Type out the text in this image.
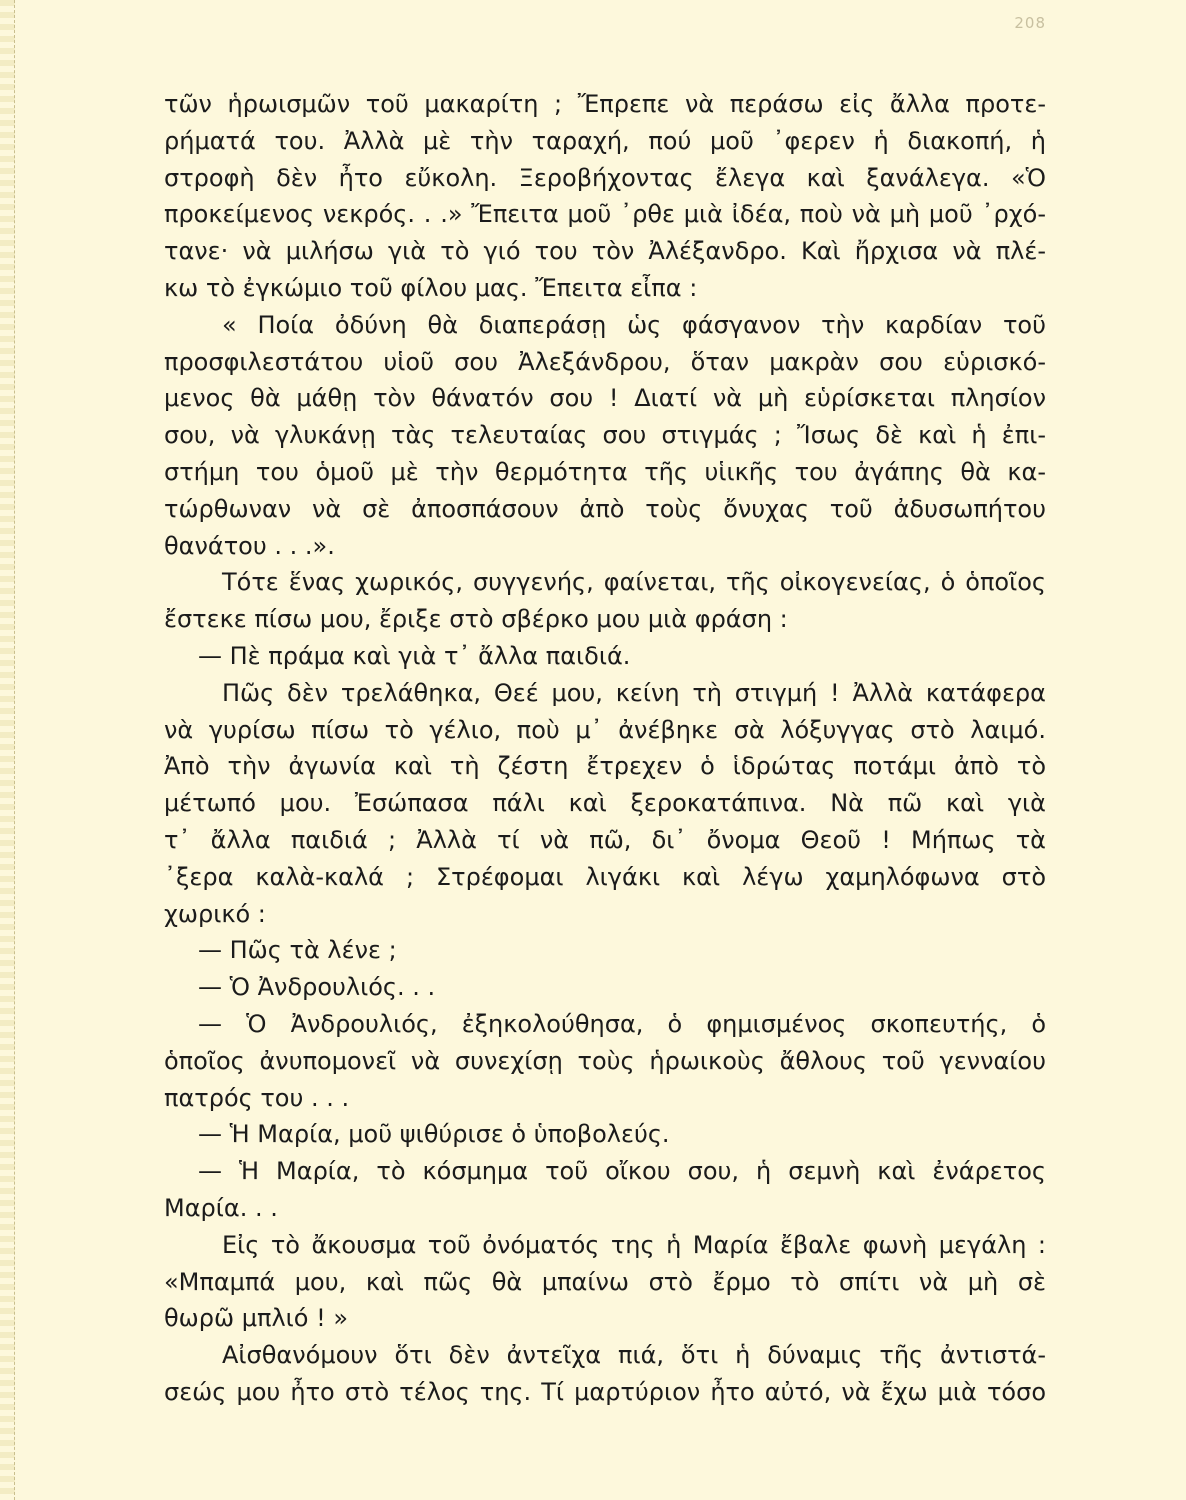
208
τῶν ἡρωισμῶν τοῦ μακαρίτη ; Ἔπρεπε νὰ περάσω εἰς ἄλλα προτε-
ρήματά του. Ἀλλὰ μὲ τὴν ταραχή, πού μοῦ ᾿φερεν ἡ διακοπή, ἡ
στροφὴ δὲν ἦτο εὔκολη. Ξεροβήχοντας ἔλεγα καὶ ξανάλεγα. «Ὁ
προκείμενος νεκρός. . .» Ἔπειτα μοῦ ᾿ρθε μιὰ ἰδέα, ποὺ νὰ μὴ μοῦ ᾿ρχό-
τανε· νὰ μιλήσω γιὰ τὸ γιό του τὸν Ἀλέξανδρο. Καὶ ἤρχισα νὰ πλέ-
κω τὸ ἐγκώμιο τοῦ φίλου μας. Ἔπειτα εἶπα :
« Ποία ὀδύνη θὰ διαπεράσῃ ὡς φάσγανον τὴν καρδίαν τοῦ
προσφιλεστάτου υἱοῦ σου Ἀλεξάνδρου, ὅταν μακρὰν σου εὑρισκό-
μενος θὰ μάθῃ τὸν θάνατόν σου ! Διατί νὰ μὴ εὑρίσκεται πλησίον
σου, νὰ γλυκάνῃ τὰς τελευταίας σου στιγμάς ; Ἴσως δὲ καὶ ἡ ἐπι-
στήμη του ὁμοῦ μὲ τὴν θερμότητα τῆς υἱικῆς του ἀγάπης θὰ κα-
τώρθωναν νὰ σὲ ἀποσπάσουν ἀπὸ τοὺς ὄνυχας τοῦ ἀδυσωπήτου
θανάτου . . .».
Τότε ἕνας χωρικός, συγγενής, φαίνεται, τῆς οἰκογενείας, ὁ ὁποῖος
ἔστεκε πίσω μου, ἔριξε στὸ σβέρκο μου μιὰ φράση :
— Πὲ πράμα καὶ γιὰ τ᾿ ἄλλα παιδιά.
Πῶς δὲν τρελάθηκα, Θεέ μου, κείνη τὴ στιγμή ! Ἀλλὰ κατάφερα
νὰ γυρίσω πίσω τὸ γέλιο, ποὺ μ᾿ ἀνέβηκε σὰ λόξυγγας στὸ λαιμό.
Ἀπὸ τὴν ἀγωνία καὶ τὴ ζέστη ἔτρεχεν ὁ ἱδρώτας ποτάμι ἀπὸ τὸ
μέτωπό μου. Ἐσώπασα πάλι καὶ ξεροκατάπινα. Νὰ πῶ καὶ γιὰ
τ᾿ ἄλλα παιδιά ; Ἀλλὰ τί νὰ πῶ, δι᾿ ὄνομα Θεοῦ ! Μήπως τὰ
᾿ξερα καλὰ-καλά ; Στρέφομαι λιγάκι καὶ λέγω χαμηλόφωνα στὸ
χωρικό :
— Πῶς τὰ λένε ;
— Ὁ Ἀνδρουλιός. . .
— Ὁ Ἀνδρουλιός, ἐξηκολούθησα, ὁ φημισμένος σκοπευτής, ὁ
ὁποῖος ἀνυπομονεῖ νὰ συνεχίσῃ τοὺς ἡρωικοὺς ἄθλους τοῦ γενναίου
πατρός του . . .
— Ἡ Μαρία, μοῦ ψιθύρισε ὁ ὑποβολεύς.
— Ἡ Μαρία, τὸ κόσμημα τοῦ οἴκου σου, ἡ σεμνὴ καὶ ἐνάρετος
Μαρία. . .
Εἰς τὸ ἄκουσμα τοῦ ὀνόματός της ἡ Μαρία ἔβαλε φωνὴ μεγάλη :
«Μπαμπά μου, καὶ πῶς θὰ μπαίνω στὸ ἔρμο τὸ σπίτι νὰ μὴ σὲ
θωρῶ μπλιό ! »
Αἰσθανόμουν ὅτι δὲν ἀντεῖχα πιά, ὅτι ἡ δύναμις τῆς ἀντιστά-
σεώς μου ἦτο στὸ τέλος της. Τί μαρτύριον ἦτο αὐτό, νὰ ἔχω μιὰ τόσο
